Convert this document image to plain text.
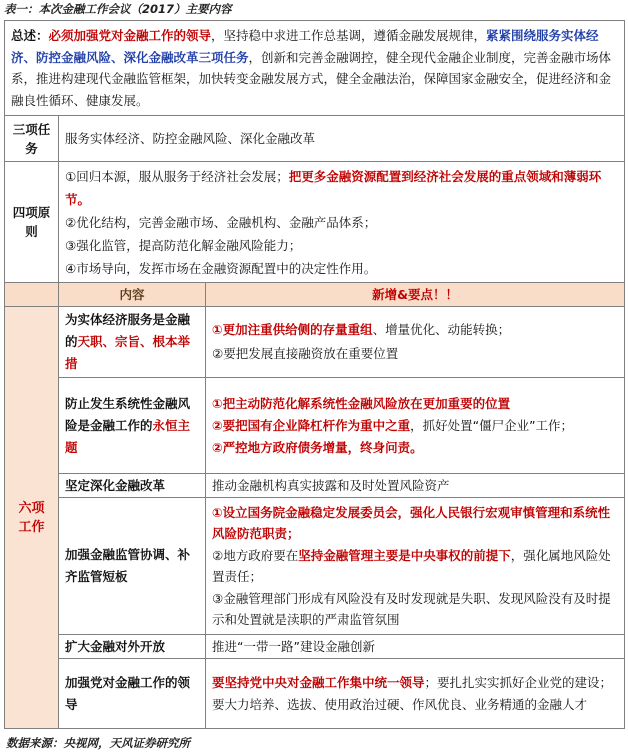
表一：本次金融工作会议（2017）主要内容
总述：必须加强党对金融工作的领导，坚持稳中求进工作总基调，遵循金融发展规律，紧紧围绕服务实体经济、防控金融风险、深化金融改革三项任务，创新和完善金融调控，健全现代金融企业制度，完善金融市场体系，推进构建现代金融监管框架，加快转变金融发展方式，健全金融法治，保障国家金融安全，促进经济和金融良性循环、健康发展。		
三项任务	服务实体经济、防控金融风险、深化金融改革	
四项原则	①回归本源，服从服务于经济社会发展；把更多金融资源配置到经济社会发展的重点领域和薄弱环节。

②优化结构，完善金融市场、金融机构、金融产品体系；

③强化监管，提高防范化解金融风险能力；

④市场导向，发挥市场在金融资源配置中的决定性作用。	

	内容	新增&要点！！
六项工作	为实体经济服务是金融的天职、宗旨、根本举措	①更加注重供给侧的存量重组、增量优化、动能转换；

②要把发展直接融资放在重要位置

	防止发生系统性金融风险是金融工作的永恒主题	①把主动防范化解系统性金融风险放在更加重要的位置

②要把国有企业降杠杆作为重中之重，抓好处置“僵尸企业”工作；

②严控地方政府债务增量，终身问责。

	坚定深化金融改革	推动金融机构真实披露和及时处置风险资产
	加强金融监管协调、补齐监管短板	①设立国务院金融稳定发展委员会，强化人民银行宏观审慎管理和系统性风险防范职责；

②地方政府要在坚持金融管理主要是中央事权的前提下，强化属地风险处置责任；

③金融管理部门形成有风险没有及时发现就是失职、发现风险没有及时提示和处置就是渎职的严肃监管氛围

	扩大金融对外开放	推进“一带一路”建设金融创新
	加强党对金融工作的领导	要坚持党中央对金融工作集中统一领导；要扎扎实实抓好企业党的建设；要大力培养、选拔、使用政治过硬、作风优良、业务精通的金融人才
数据来源：央视网，天风证券研究所
